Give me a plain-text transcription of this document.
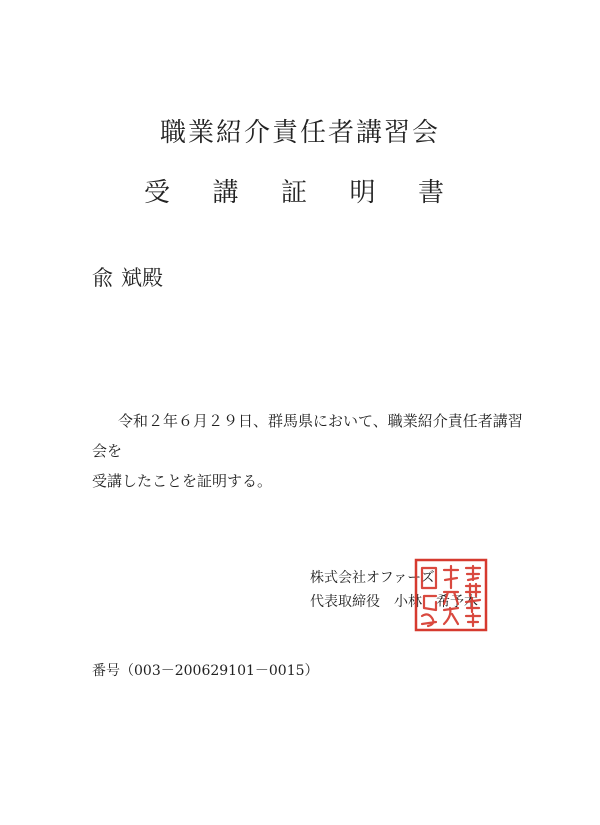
職業紹介責任者講習会
受 講 証 明 書
兪 斌殿
令和２年６月２９日、群馬県において、職業紹介責任者講習会を
受講したことを証明する。
株式会社オファーズ
代表取締役 小林　希予木
番号（003－200629101－0015）
